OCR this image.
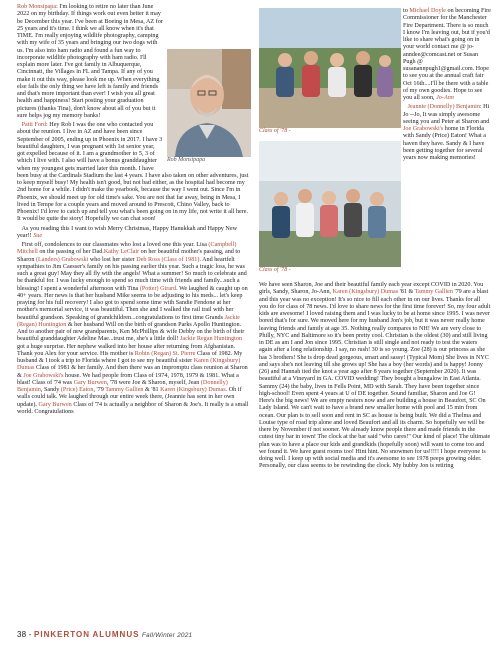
Rob Monsipapa

Rob Monsipapa: I'm looking to retire no later than June 2022 on my birthday. If things work out even better it may be December this year. I've been at Boeing in Mesa, AZ for 25 years and it's time. I think we all know when it's that TIME. I'm really enjoying wildlife photography, camping with my wife of 35 years and bringing our two dogs with us. I'm also into ham radio and found a fun way to incorporate wildlife photography with ham radio. I'll explain more later. I've got family in Albuquerque, Cincinnati, the Villages in FL and Tampa. If any of you make it out this way, please look me up. When everything else fails the only thing we have left is family and friends and that's more important than ever! I wish you all great health and happiness! Start posting your graduation pictures (thanks Tina), don't know about all of you but it sure helps jog my memory banks!

Patti Ford: Hey Rob I was the one who contacted you about the reunion. I live in AZ and have been since September of 2005, ending up in Phoenix in 2017. I have 3 beautiful daughters, I was pregnant with 1st senior year, got expelled because of it. I am a grandmother to 5, 3 of which I live with. I also will have a bonus granddaughter when my youngest gets married later this month. I have been busy at the Cardinals Stadium the last 4 years. I have also taken on other adventures, just to keep myself busy! My health isn't good, but not bad either, as the hospital had become my 2nd home for a while. I didn't make the yearbook, because the way I went out. Since I'm in Phoenix, we should meet up for old time's sake. You are not that far away, being in Mesa, I lived in Tempe for a couple years and moved around to Prescott, Chino Valley, back to Phoenix! I'd love to catch up and tell you what's been going on in my life, not write it all here. It would be quite the story! Hopefully we can chat soon!

As you reading this I want to wish Merry Christmas, Happy Hanukkah and Happy New year!! Sue

First off, condolences to our classmates who lost a loved one this year. Lisa (Campbell) Mitchell on the passing of her Dad.Kathy LeClair on her beautiful mother's passing, and to Sharon (Landers) Grabowski who lost her sister Deb Ross (Class of 1981). And heartfelt sympathies to Jim Caesser's family on his passing earlier this year. Such a tragic loss, he was such a great guy! May they all fly with the angels! What a summer! So much to celebrate and be thankful for. I was lucky enough to spend so much time with friends and family...such a blessing! I spent a wonderful afternoon with Tina (Potter) Girard. We laughed & caught up on 40+ years. Her news is that her husband Mike seems to be adjusting to his meds... let's keep praying for his full recovery! I also got to spend some time with Sandie Fendone at her mother's memorial service, it was beautiful. Then she and I walked the rail trail with her beautiful grandson. Speaking of grandchildren...congratulations to first time Grands Jackie (Regan) Huntington & her husband Will on the birth of grandson Parks Apollo Huntington. And to another pair of new grandparents, Ken McPhillips & wife Debby on the birth of their beautiful granddaughter Adeline Mae...trust me, she's a little doll! Jackie Regan Huntington got a huge surprise. Her nephew walked into her house after returning from Afghanistan. Thank you Alex for your service. His mother is Robin (Regan) St. Pierre Class of 1982. My husband & I took a trip to Florida where I got to see my beautiful sister Karen (Kingsbury) Dumas Class of 1981 & her family. And then there was an impromptu class reunion at Sharon & Joe Grabowski's house. We had people from Class of 1974, 1978, 1979 & 1981. What a blast! Class of '74 was Gary Burwen, '78 were Joe & Sharon, myself, Jean (Donnelly) Benjamin, Sandy (Price) Eaton, '79 Tammy Gallien & '81 Karen (Kingsbury) Dumas. Oh if walls could talk. We laughed through our entire week there, (Jeannie has sent in her own update). Gary Burwen Class of '74 is actually a neighbor of Sharon & Joe's. It really is a small world. Congratulations

Class of '78 -
Class of '78 -

to Michael Doyle on becoming Fire Commissioner for the Manchester Fire Department. There is so much I know I'm leaving out, but if you'd like to share what's going on in your world contact me @ jo-anndee@comcast.net or Susan Pugh @ susanannpugh1@gmail.com. Hope to see you at the annual craft fair Oct 16th....I'll be there with a table of my own goodies. Hope to see you all soon, Jo-Ann

Jeannie (Donnelly) Benjamin: Hi Jo --Jo, It was simply awesome seeing you and Peter at Sharon and Joe Grabowski's home in Florida with Sandy (Price) Eaton! What a haven they have. Sandy & I have been getting together for several years now making memories!

We have seen Sharon, Joe and their beautiful family each year except COVID in 2020. You girls, Sandy, Sharon, Jo-Ann, Karen (Kingsbury) Dumas '81 & Tammy Gallien '79 are a blast and this year was no exception! It's so nice to fill each other in on our lives. Thanks for all you do for class of 78 news. I'd love to share news for the first time forever! So, my four adult kids are awesome! I loved raising them and I was lucky to be at home since 1995. I was never bored that's for sure. We moved here for my husband Jon's job, but it was never really home leaving friends and family at age 35. Nothing really compares to NH! We are very close to Philly, NYC and Baltimore so it's been pretty cool. Christian is the oldest (30) and still living in DE as am I and Jon since 1995. Christian is still single and not ready to test the waters again after a long relationship. I say, no rush! 30 is so young. Zoe (28) is our princess as she has 3 brothers! She is drop dead gorgeous, smart and sassy! (Typical Mom) She lives in NYC and says she's not leaving till she grows up! She has a boy (her words) and is happy! Jonny (26) and Hannah tied the knot a year ago after 8 years together (September 2020). It was beautiful at a Vineyard in GA. COVID wedding! They bought a bungalow in East Atlanta. Sammy (24) the baby, lives in Fells Point, MD with Sarah. They have been together since high-school! Even spent 4 years at U of DE together. Sound familiar, Sharon and Joe G! Here's the big news! We are empty nesters now and are building a house in Beaufort, SC On Lady Island. We can't wait to have a brand new smaller home with pool and 15 min from ocean. Our plan is to sell soon and rent in SC as house is being built. We did a Thelma and Louise type of road trip alone and loved Beaufort and all its charm. So hopefully we will be there by November if not sooner. We already know people there and made friends in the cutest tiny bar in town! The clock at the bar said "who cares!" Our kind of place! The ultimate plan was to have a place our kids and grandkids (hopefully soon) will want to come too and we found it. We have guest rooms too! Hint hint. No snowmen for us!!!!! I hope everyone is doing well. I keep up with social media and it's awesome to see 1978 peeps growing older. Personally, our class seems to be rewinding the clock. My hubby Jon is retiring

38 - PINKERTON ALUMNUS Fall/Winter 2021
